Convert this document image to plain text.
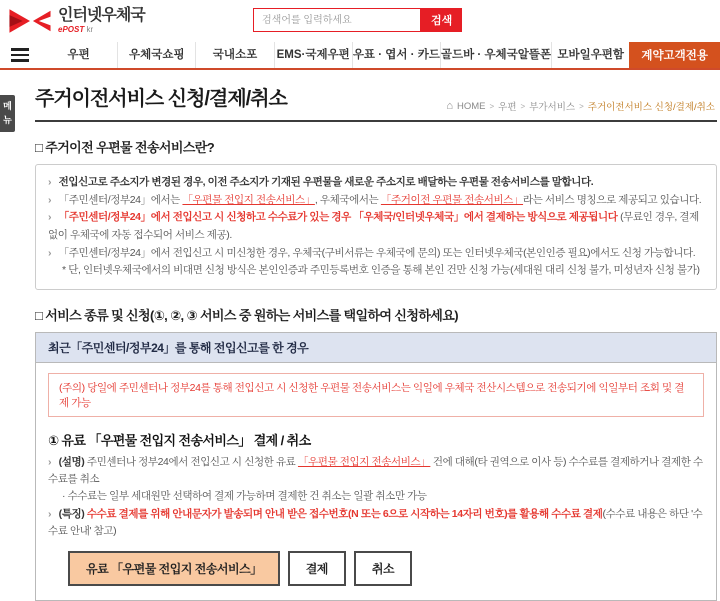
인터넷우체국
ePOST kr
검색어를 입력하세요
검색
우편	우체국쇼핑	국내소포	EMS·국제우편 우표 · 엽서 · 카드 골드바 · 우체국알뜰폰 모바일우편함	계약고객전용
메뉴
주거이전서비스 신청/결제/취소	⌂ HOME > 우편 > 부가서비스 > 주거이전서비스 신청/결제/취소
□ 주거이전 우편물 전송서비스란?
› 전입신고로 주소지가 변경된 경우, 이전 주소지가 기재된 우편물을 새로운 주소지로 배달하는 우편물 전송서비스를 말합니다.
› 「주민센터/정부24」에서는 「우편물 전입지 전송서비스」, 우체국에서는 「주거이전 우편물 전송서비스」라는 서비스 명칭으로 제공되고 있습니다.
› 「주민센터/정부24」에서 전입신고 시 신청하고 수수료가 있는 경우 「우체국/인터넷우체국」에서 결제하는 방식으로 제공됩니다 (무료인 경우, 결제 없이 우체국에 자동 접수되어 서비스 제공).
› 「주민센터/정부24」에서 전입신고 시 미신청한 경우, 우체국(구비서류는 우체국에 문의) 또는 인터넷우체국(본인인증 필요)에서도 신청 가능합니다.
* 단, 인터넷우체국에서의 비대면 신청 방식은 본인인증과 주민등록번호 인증을 통해 본인 건만 신청 가능(세대원 대리 신청 불가, 미성년자 신청 불가)
□ 서비스 종류 및 신청(①, ②, ③ 서비스 중 원하는 서비스를 택일하여 신청하세요)
최근「주민센터/정부24」를 통해 전입신고를 한 경우
(주의) 당일에 주민센터나 정부24를 통해 전입신고 시 신청한 우편물 전송서비스는 익일에 우체국 전산시스템으로 전송되기에 익일부터 조회 및 결제 가능
① 유료 「우편물 전입지 전송서비스」 결제 / 취소
› (설명) 주민센터나 정부24에서 전입신고 시 신청한 유료 「우편물 전입지 전송서비스」 건에 대해(타 권역으로 이사 등) 수수료를 결제하거나 결제한 수수료를 취소
· 수수료는 일부 세대원만 선택하여 결제 가능하며 결제한 건 취소는 일괄 취소만 가능
› (특징) 수수료 결제를 위해 안내문자가 발송되며 안내 받은 접수번호(N 또는 6으로 시작하는 14자리 번호)를 활용해 수수료 결제(수수료 내용은 하단 '수수료 안내' 참고)
유료 「우편물 전입지 전송서비스」	결제	취소
